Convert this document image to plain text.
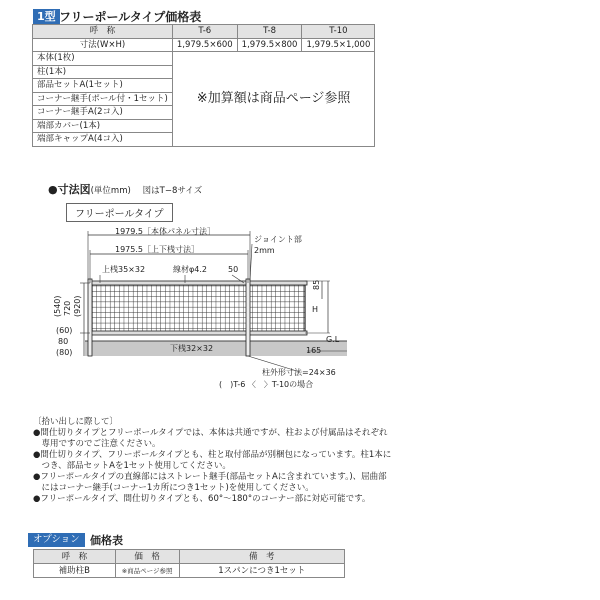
1型 フリーポールタイプ価格表
呼　称	T-6	T-8	T-10
寸法(W×H)	1,979.5×600	1,979.5×800	1,979.5×1,000
本体(1枚)	※加算額は商品ページ参照		
柱(1本)			
部品セットA(1セット)			
コーナー継手(ポール付・1セット)			
コーナー継手A(2コ入)			
端部カバー(1本)			
端部キャップA(4コ入)			
●寸法図(単位mm) 図はT−8サイズ
フリーポールタイプ
1979.5［本体パネル寸法］
1975.5［上下桟寸法］
上桟35×32	線材φ4.2	50
ジョイント部
2mm
85
H
(540) 720 (920)
(60)
80
(80)
G.L
下桟32×32	165
柱外形寸法=24×36
(　)T-6 〈　〉T-10の場合
〔拾い出しに際して〕
●間仕切りタイプとフリーポールタイプでは、本体は共通ですが、柱および付属品はそれぞれ
　専用ですのでご注意ください。
●間仕切りタイプ、フリーポールタイプとも、柱と取付部品が別梱包になっています。柱1本に
　つき、部品セットAを1セット使用してください。
●フリーポールタイプの直線部にはストレート継手(部品セットAに含まれています。)、屈曲部
　にはコーナー継手(コーナー1カ所につき1セット)を使用してください。
●フリーポールタイプ、間仕切りタイプとも、60°〜180°のコーナー部に対応可能です。
オプション 価格表
呼　称	価　格	備　考
補助柱B	※商品ページ参照	1スパンにつき1セット
